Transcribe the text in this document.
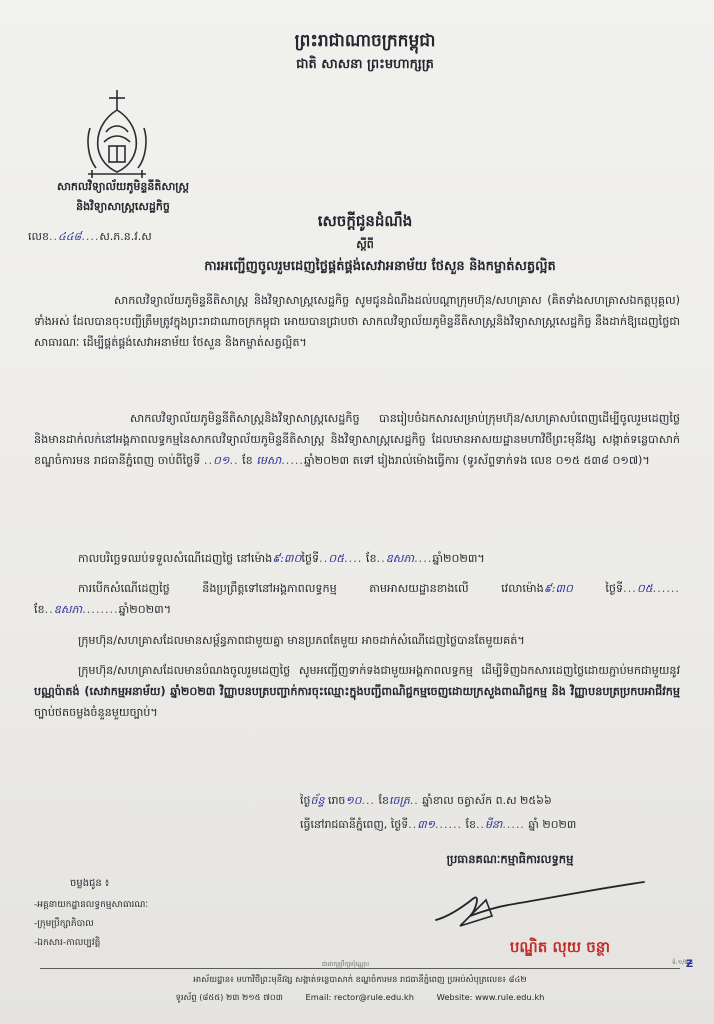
ព្រះរាជាណាចក្រកម្ពុជា
ជាតិ សាសនា ព្រះមហាក្សត្រ
សាកលវិទ្យាល័យភូមិន្ទនីតិសាស្ត្រ
និងវិទ្យាសាស្ត្រសេដ្ឋកិច្ច
លេខ..៤៤៨....ស.ភ.ន.វ.ស
សេចក្តីជូនដំណឹង
ស្តីពី
ការអញ្ជើញចូលរួមដេញថ្លៃផ្គត់ផ្គង់សេវាអនាម័យ ថែសួន និងកម្ចាត់សត្វល្អិត
សាកលវិទ្យាល័យភូមិន្ទនីតិសាស្ត្រ និងវិទ្យាសាស្ត្រសេដ្ឋកិច្ច សូមជូនដំណឹងដល់បណ្តាក្រុមហ៊ុន/សហគ្រាស (គិតទាំងសហគ្រាសឯកត្តបុគ្គល) ទាំងអស់ ដែលបានចុះបញ្ជីត្រឹមត្រូវក្នុងព្រះរាជាណាចក្រកម្ពុជា អោយបានជ្រាបថា សាកលវិទ្យាល័យភូមិន្ទនីតិសាស្ត្រនិងវិទ្យាសាស្ត្រសេដ្ឋកិច្ច នឹងដាក់ឱ្យដេញថ្លៃជាសាធារណៈ ដើម្បីផ្គត់ផ្គង់សេវាអនាម័យ ថែសួន និងកម្ចាត់សត្វល្អិត។
សាកលវិទ្យាល័យភូមិន្ទនីតិសាស្ត្រនិងវិទ្យាសាស្ត្រសេដ្ឋកិច្ច បានរៀបចំឯកសារសម្រាប់ក្រុមហ៊ុន/សហគ្រាសបំពេញដើម្បីចូលរួមដេញថ្លៃ និងមានដាក់លក់នៅអង្គភាពលទ្ធកម្មនៃសាកលវិទ្យាល័យភូមិន្ទនីតិសាស្ត្រ និងវិទ្យាសាស្ត្រសេដ្ឋកិច្ច ដែលមានអាសយដ្ឋានមហាវិថីព្រះមុនីវង្ស សង្កាត់ទន្លេបាសាក់ ខណ្ឌចំការមន រាជធានីភ្នំពេញ ចាប់ពីថ្ងៃទី ..០១.. ខែ មេសា.....ឆ្នាំ២០២៣ តទៅ រៀងរាល់ម៉ោងធ្វើការ (ទូរស័ព្ទទាក់ទង លេខ ០១៥ ៥៣៨ ០១៧)។
កាលបរិច្ឆេទឈប់ទទួលសំណើដេញថ្លៃ នៅម៉ោង៩:៣០ថ្ងៃទី..០៥.... ខែ..ឧសភា....ឆ្នាំ២០២៣។
ការបើកសំណើដេញថ្លៃ នឹងប្រព្រឹត្តទៅនៅអង្គភាពលទ្ធកម្ម តាមអាសយដ្ឋានខាងលើ វេលាម៉ោង៩:៣០	ថ្ងៃទី...០៥...... ខែ..ឧសភា........ឆ្នាំ២០២៣។
ក្រុមហ៊ុន/សហគ្រាសដែលមានសម្ព័ន្ធភាពជាមួយគ្នា មានប្រភពតែមួយ អាចដាក់សំណើដេញថ្លៃបានតែមួយគត់។
ក្រុមហ៊ុន/សហគ្រាសដែលមានបំណងចូលរួមដេញថ្លៃ សូមអញ្ជើញទាក់ទងជាមួយអង្គភាពលទ្ធកម្ម ដើម្បីទិញឯកសារដេញថ្លៃដោយភ្ជាប់មកជាមួយនូវបណ្ណប៉ាតង់ (សេវាកម្មអនាម័យ) ឆ្នាំ២០២៣ វិញ្ញាបនបត្របញ្ជាក់ការចុះឈ្មោះក្នុងបញ្ជីពាណិជ្ជកម្មចេញដោយក្រសួងពាណិជ្ជកម្ម និង វិញ្ញាបនបត្រប្រកបអាជីវកម្ម ច្បាប់ថតចម្លងចំនួនមួយច្បាប់។
ថ្ងៃច័ន្ទ រោច១០... ខែចេត្រ.. ឆ្នាំខាល ចត្វាស័ក ព.ស ២៥៦៦
ធ្វើនៅរាជធានីភ្នំពេញ, ថ្ងៃទី..៣១...... ខែ..មីនា..... ឆ្នាំ ២០២៣
ប្រធានគណៈកម្មាធិការលទ្ធកម្ម
ចម្លងជូន ៖
-អគ្គនាយកដ្ឋានលទ្ធកម្មសាធារណៈ
-ក្រុមប្រឹក្សាភិបាល
-ឯកសារ-កាលប្បវត្តិ	បណ្ឌិត លុយ ចន្ថា
ជាពាក្យប្រឹក្សាប៉ុណ្ណោះ	ទំ.១/២
ᵶ
អាស័យដ្ឋាន៖ មហាវិថីព្រះមុនីវង្ស សង្កាត់ទន្លេបាសាក់ ខណ្ឌចំការមន រាជធានីភ្នំពេញ ប្រអប់សំបុត្រលេខ៖ ៨៤២
ទូរស័ព្ទ (៨៥៥) ២៣ ២១៥ ៧០៣	Email: rector@rule.edu.kh	Website: www.rule.edu.kh
